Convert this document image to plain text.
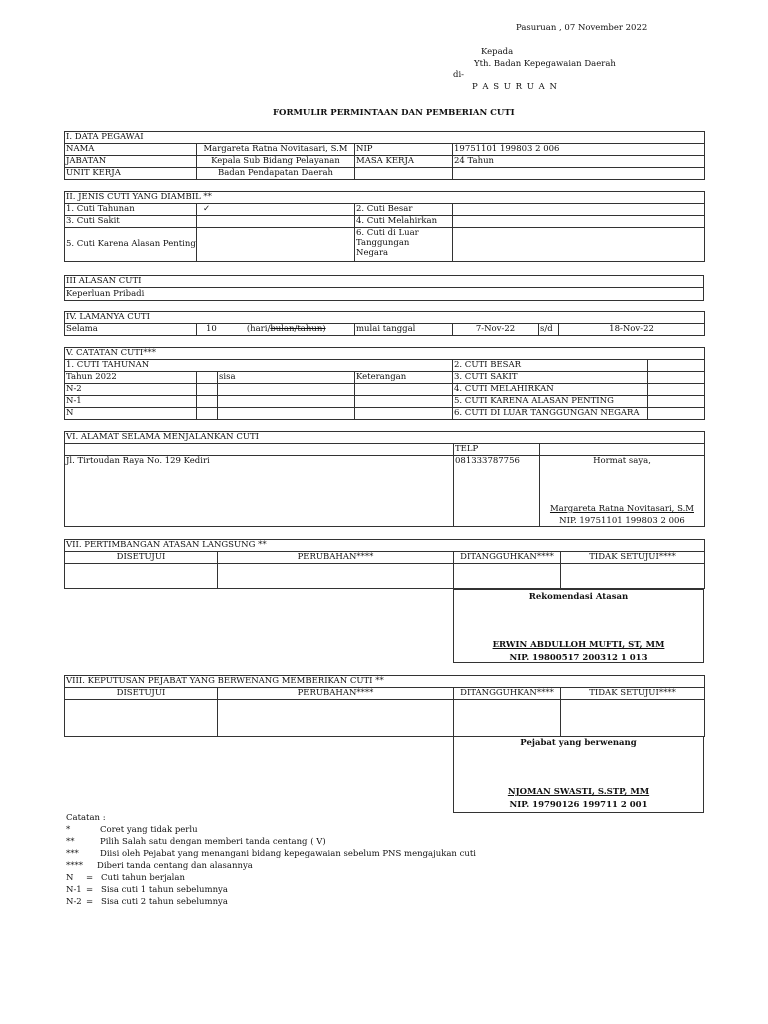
Pasuruan , 07 November 2022
Kepada
Yth. Badan Kepegawaian Daerah
di-
P A S U R U A N
FORMULIR PERMINTAAN DAN PEMBERIAN CUTI
I. DATA PEGAWAI			
NAMA	Margareta Ratna Novitasari, S.M	NIP	19751101 199803 2 006
JABATAN	Kepala Sub Bidang Pelayanan	MASA KERJA	24 Tahun
UNIT KERJA	Badan Pendapatan Daerah		
II. JENIS CUTI YANG DIAMBIL **			
1. Cuti Tahunan	✓	2. Cuti Besar	
3. Cuti Sakit		4. Cuti Melahirkan	
5. Cuti Karena Alasan Penting		6. Cuti di Luar
Tanggungan
Negara	

III ALASAN CUTI
Keperluan Pribadi
IV. LAMANYA CUTI
Selama	10	(hari/bulan/tahun)	mulai tanggal	7-Nov-22	s/d	18-Nov-22
V. CATATAN CUTI***					
1. CUTI TAHUNAN				2. CUTI BESAR	
Tahun 2022		sisa	Keterangan	3. CUTI SAKIT	
N-2				4. CUTI MELAHIRKAN	
N-1				5. CUTI KARENA ALASAN PENTING	
N				6. CUTI DI LUAR TANGGUNGAN NEGARA	
VI. ALAMAT SELAMA MENJALANKAN CUTI		
	TELP	
Jl. Tirtoudan Raya No. 129 Kediri	081333787756		Hormat saya,
Margareta Ratna Novitasari, S.M
NIP. 19751101 199803 2 006
VII. PERTIMBANGAN ATASAN LANGSUNG **			
DISETUJUI	PERUBAHAN****	DITANGGUHKAN****	TIDAK SETUJUI****

Rekomendasi Atasan
ERWIN ABDULLOH MUFTI, ST, MM
NIP. 19800517 200312 1 013
VIII. KEPUTUSAN PEJABAT YANG BERWENANG MEMBERIKAN CUTI **			
DISETUJUI	PERUBAHAN****	DITANGGUHKAN****	TIDAK SETUJUI****

Pejabat yang berwenang
NJOMAN SWASTI, S.STP, MM
NIP. 19790126 199711 2 001
Catatan :
*	Coret yang tidak perlu
**	Pilih Salah satu dengan memberi tanda centang ( V)
***	Diisi oleh Pejabat yang menangani bidang kepegawaian sebelum PNS mengajukan cuti
**** Diberi tanda centang dan alasannya
N = Cuti tahun berjalan
N-1 = Sisa cuti 1 tahun sebelumnya
N-2 = Sisa cuti 2 tahun sebelumnya
